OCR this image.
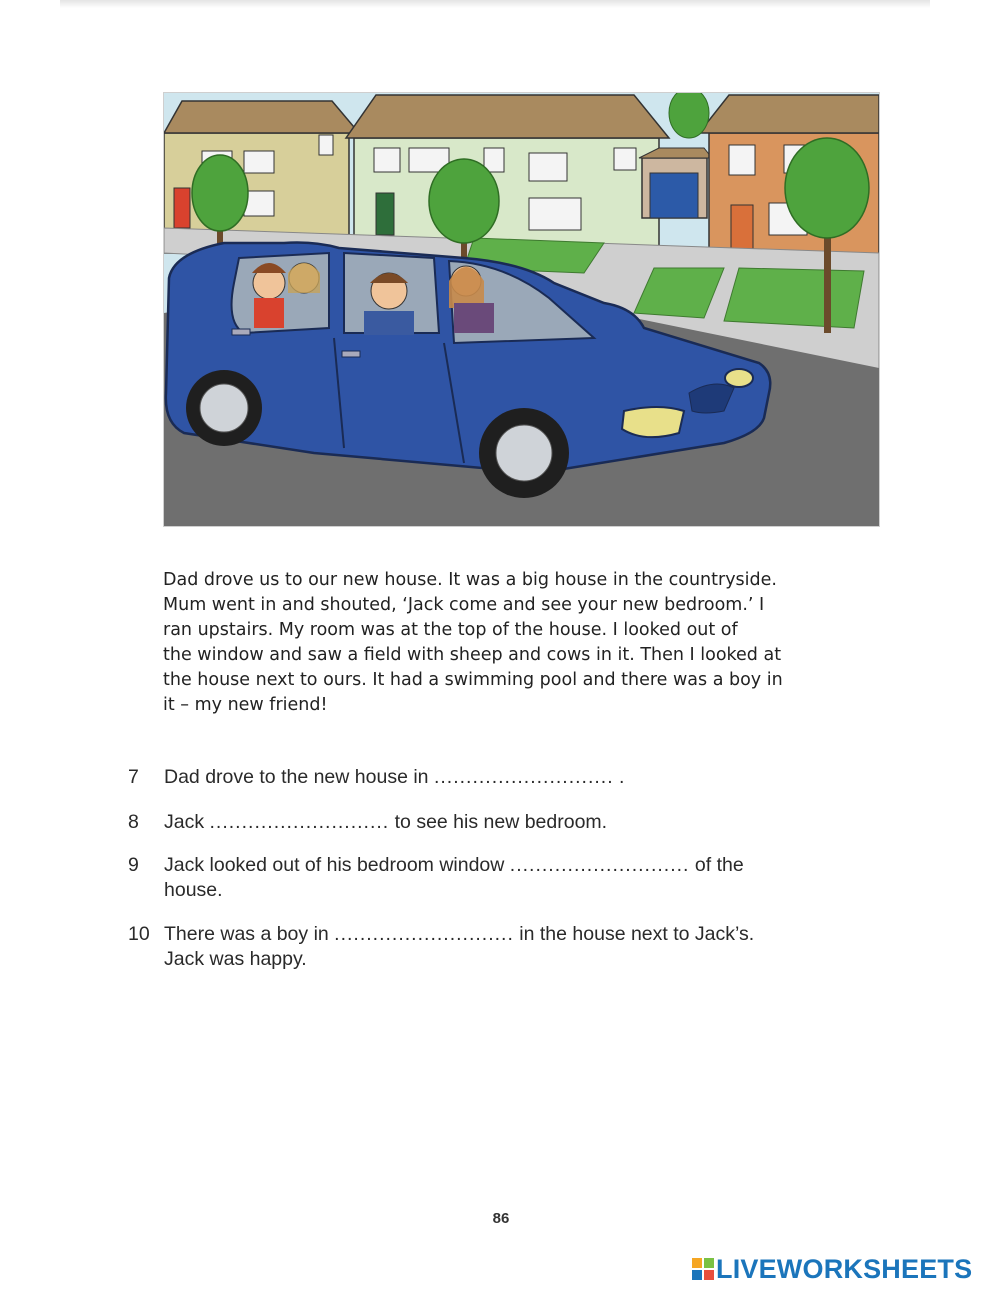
Dad drove us to our new house. It was a big house in the countryside.
Mum went in and shouted, ‘Jack come and see your new bedroom.’ I
ran upstairs. My room was at the top of the house. I looked out of
the window and saw a field with sheep and cows in it. Then I looked at
the house next to ours. It had a swimming pool and there was a boy in
it – my new friend!
7	Dad drove to the new house in ............................ .
8	Jack ............................ to see his new bedroom.
9	Jack looked out of his bedroom window ............................ of the
house.
10 There was a boy in ............................ in the house next to Jack’s.
Jack was happy.
86
LIVEWORKSHEETS
